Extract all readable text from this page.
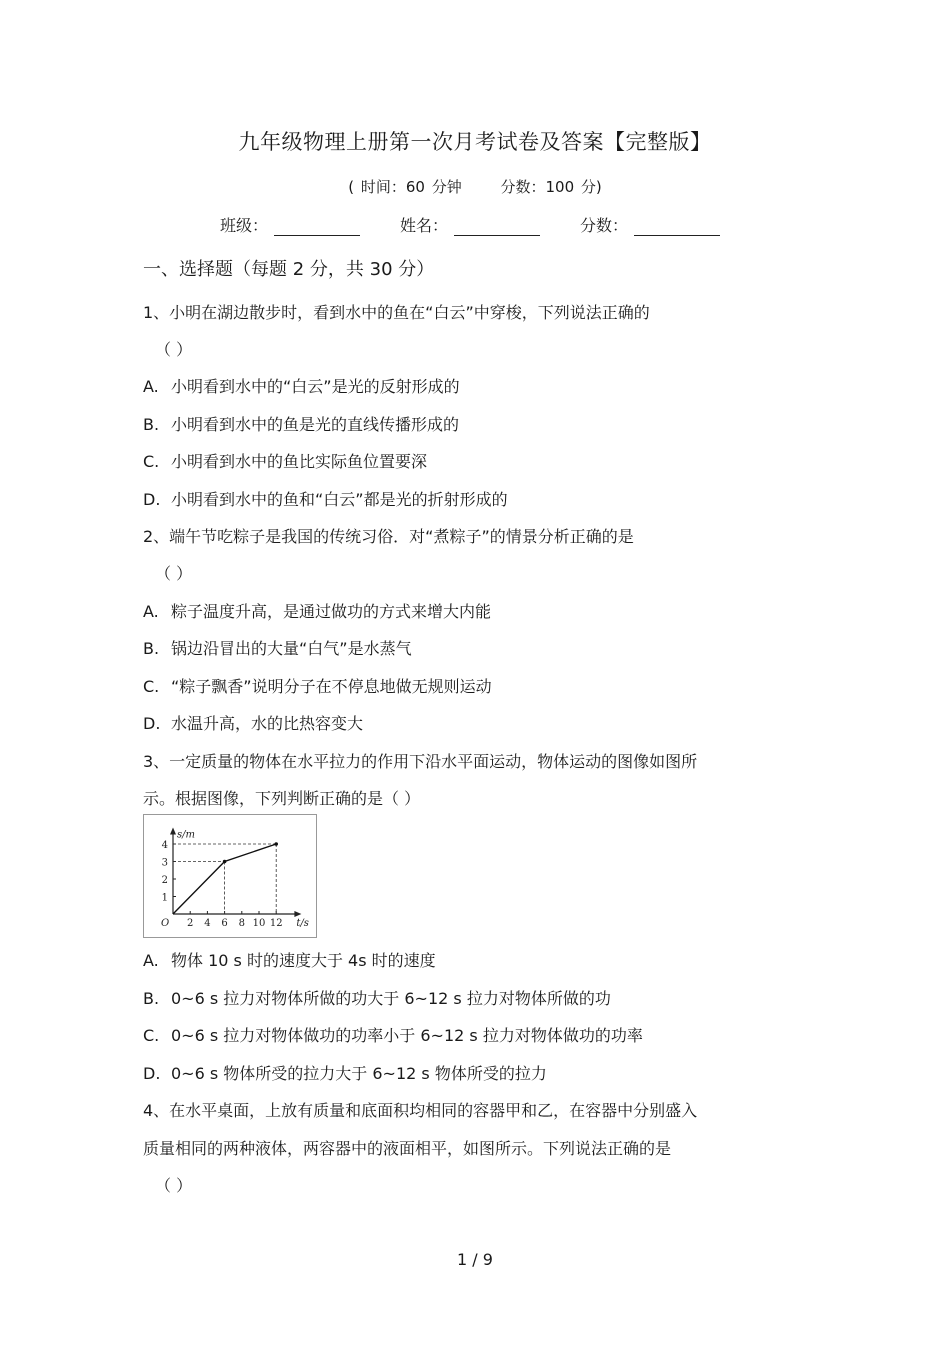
九年级物理上册第一次月考试卷及答案【完整版】
( 时间：60 分钟	分数：100 分)
班级：	姓名：	分数：
一、选择题（每题 2 分，共 30 分）
1、小明在湖边散步时，看到水中的鱼在“白云”中穿梭，下列说法正确的
（ ）
A. 小明看到水中的“白云”是光的反射形成的
B. 小明看到水中的鱼是光的直线传播形成的
C. 小明看到水中的鱼比实际鱼位置要深
D. 小明看到水中的鱼和“白云”都是光的折射形成的
2、端午节吃粽子是我国的传统习俗．对“煮粽子”的情景分析正确的是
（ ）
A. 粽子温度升高，是通过做功的方式来增大内能
B. 锅边沿冒出的大量“白气”是水蒸气
C. “粽子飘香”说明分子在不停息地做无规则运动
D. 水温升高，水的比热容变大
3、一定质量的物体在水平拉力的作用下沿水平面运动，物体运动的图像如图所
示。根据图像，下列判断正确的是（ ）
2 4 6 8 10 12
1
2
3
4
O
s/m
t/s
A. 物体 10 s 时的速度大于 4s 时的速度
B. 0~6 s 拉力对物体所做的功大于 6~12 s 拉力对物体所做的功
C. 0~6 s 拉力对物体做功的功率小于 6~12 s 拉力对物体做功的功率
D. 0~6 s 物体所受的拉力大于 6~12 s 物体所受的拉力
4、在水平桌面，上放有质量和底面积均相同的容器甲和乙，在容器中分别盛入
质量相同的两种液体，两容器中的液面相平，如图所示。下列说法正确的是
（ ）
1 / 9
